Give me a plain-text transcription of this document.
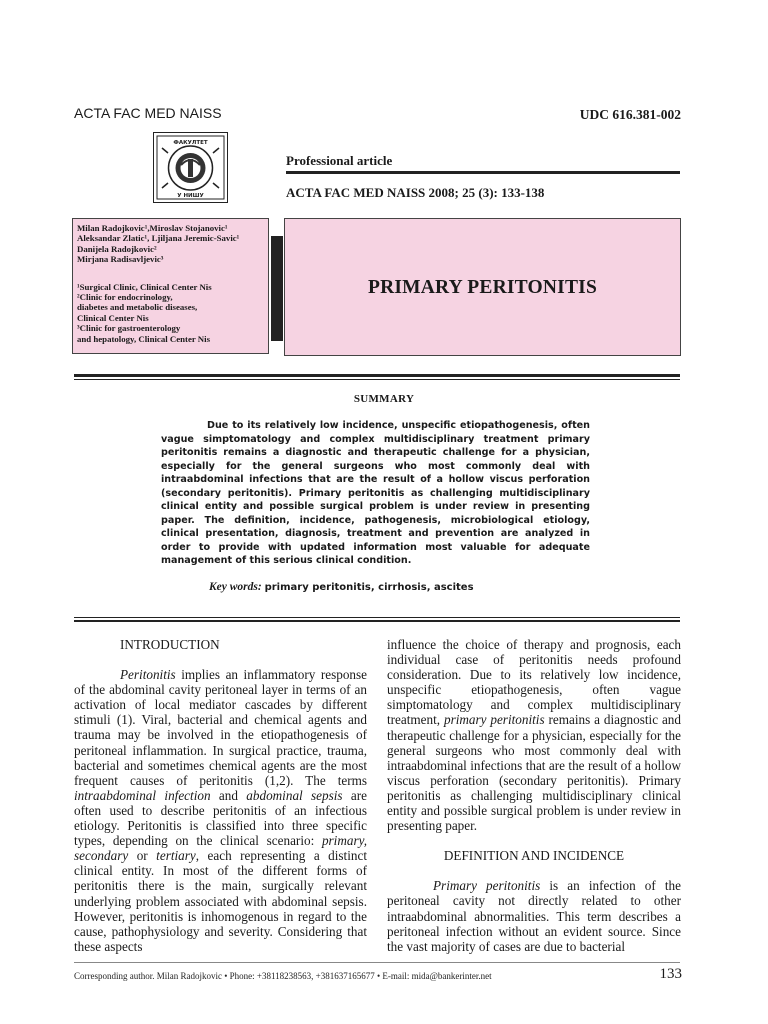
ACTA FAC MED NAISS	UDC 616.381-002
ФАКУЛТЕТ
У НИШУ
Professional article
ACTA FAC MED NAISS 2008; 25 (3): 133-138
Milan Radojkovic¹,Miroslav Stojanovic¹
Aleksandar Zlatic¹, Ljiljana Jeremic-Savic¹
Danijela Radojkovic²
Mirjana Radisavljevic³
¹Surgical Clinic, Clinical Center Nis
²Clinic for endocrinology,
diabetes and metabolic diseases,
Clinical Center Nis
³Clinic for gastroenterology
and hepatology, Clinical Center Nis
PRIMARY PERITONITIS
SUMMARY
Due to its relatively low incidence, unspecific etiopathogenesis, often vague simptomatology and complex multidisciplinary treatment primary peritonitis remains a diagnostic and therapeutic challenge for a physician, especially for the general surgeons who most commonly deal with intraabdominal infections that are the result of a hollow viscus perforation (secondary peritonitis). Primary peritonitis as challenging multidisciplinary clinical entity and possible surgical problem is under review in presenting paper. The definition, incidence, pathogenesis, microbiological etiology, clinical presentation, diagnosis, treatment and prevention are analyzed in order to provide with updated information most valuable for adequate management of this serious clinical condition.
Key words: primary peritonitis, cirrhosis, ascites
INTRODUCTION

Peritonitis implies an inflammatory response of the abdominal cavity peritoneal layer in terms of an activation of local mediator cascades by different stimuli (1). Viral, bacterial and chemical agents and trauma may be involved in the etiopathogenesis of peritoneal inflammation. In surgical practice, trauma, bacterial and sometimes chemical agents are the most frequent causes of peritonitis (1,2). The terms intraabdominal infection and abdominal sepsis are often used to describe peritonitis of an infectious etiology. Peritonitis is classified into three specific types, depending on the clinical scenario: primary, secondary or tertiary, each representing a distinct clinical entity. In most of the different forms of peritonitis there is the main, surgically relevant underlying problem associated with abdominal sepsis. However, peritonitis is inhomogenous in regard to the cause, pathophysiology and severity. Considering that these aspects

influence the choice of therapy and prognosis, each individual case of peritonitis needs profound consideration. Due to its relatively low incidence, unspecific etiopathogenesis, often vague simptomatology and complex multidisciplinary treatment, primary peritonitis remains a diagnostic and therapeutic challenge for a physician, especially for the general surgeons who most commonly deal with intraabdominal infections that are the result of a hollow viscus perforation (secondary peritonitis). Primary peritonitis as challenging multidisciplinary clinical entity and possible surgical problem is under review in presenting paper.

DEFINITION AND INCIDENCE

Primary peritonitis is an infection of the peritoneal cavity not directly related to other intraabdominal abnormalities. This term describes a peritoneal infection without an evident source. Since the vast majority of cases are due to bacterial

Corresponding author. Milan Radojkovic • Phone: +38118238563, +381637165677 • E-mail: mida@bankerinter.net	133
